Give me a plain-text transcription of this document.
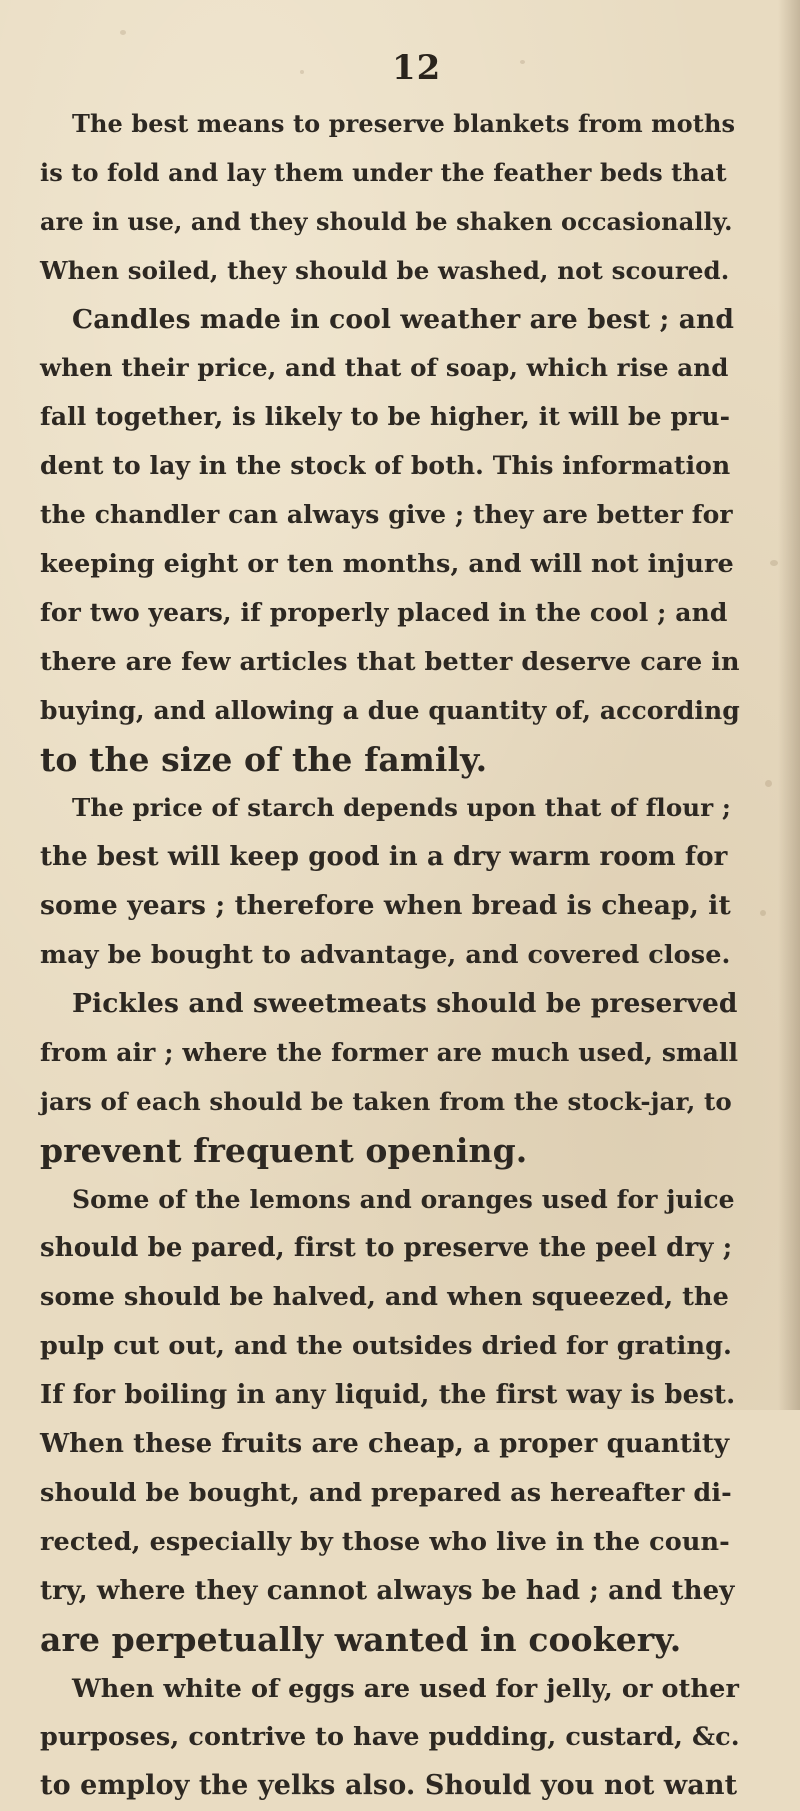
12
The best means to preserve blankets from moths
is to fold and lay them under the feather beds that
are in use, and they should be shaken occasionally.
When soiled, they should be washed, not scoured.
Candles made in cool weather are best ; and
when their price, and that of soap, which rise and
fall together, is likely to be higher, it will be pru-
dent to lay in the stock of both. This information
the chandler can always give ; they are better for
keeping eight or ten months, and will not injure
for two years, if properly placed in the cool ; and
there are few articles that better deserve care in
buying, and allowing a due quantity of, according
to the size of the family.
The price of starch depends upon that of flour ;
the best will keep good in a dry warm room for
some years ; therefore when bread is cheap, it
may be bought to advantage, and covered close.
Pickles and sweetmeats should be preserved
from air ; where the former are much used, small
jars of each should be taken from the stock-jar, to
prevent frequent opening.
Some of the lemons and oranges used for juice
should be pared, first to preserve the peel dry ;
some should be halved, and when squeezed, the
pulp cut out, and the outsides dried for grating.
If for boiling in any liquid, the first way is best.
When these fruits are cheap, a proper quantity
should be bought, and prepared as hereafter di-
rected, especially by those who live in the coun-
try, where they cannot always be had ; and they
are perpetually wanted in cookery.
When white of eggs are used for jelly, or other
purposes, contrive to have pudding, custard, &c.
to employ the yelks also. Should you not want
